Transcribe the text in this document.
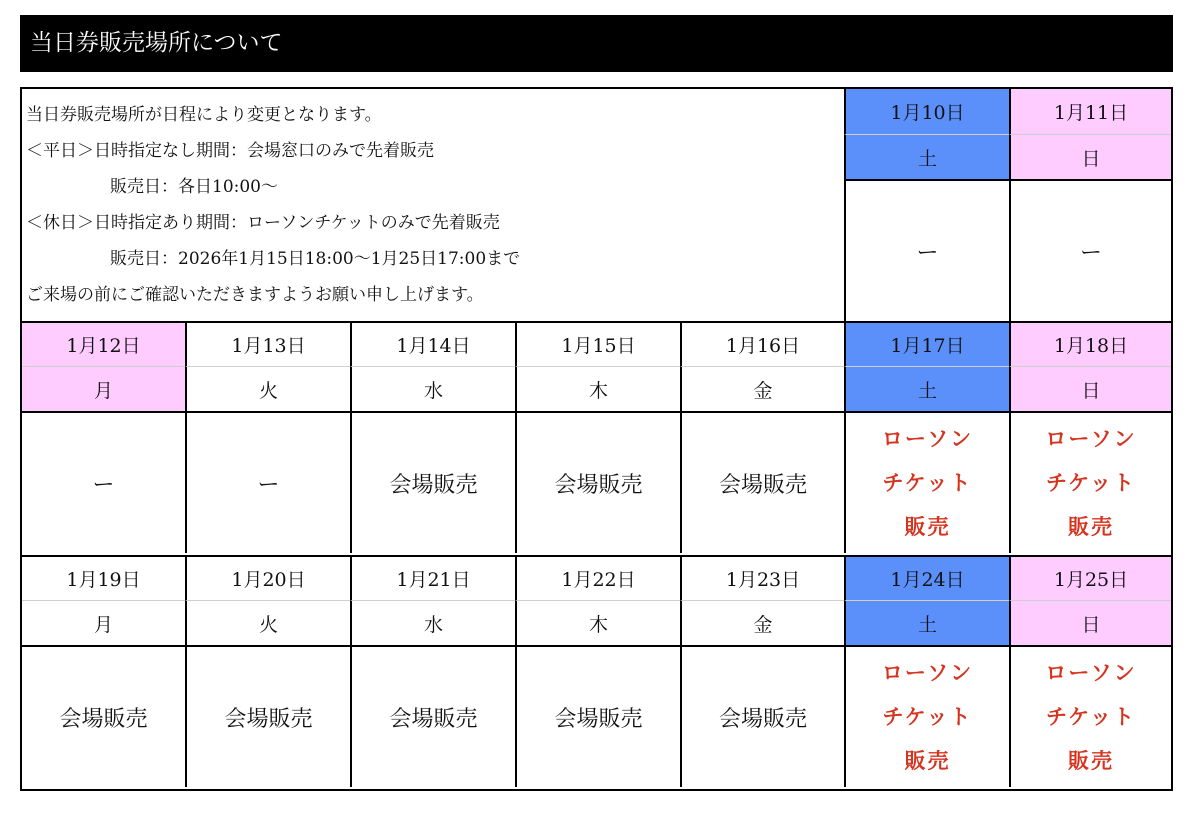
当日券販売場所について
当日券販売場所が日程により変更となります。
＜平日＞日時指定なし期間：会場窓口のみで先着販売
販売日：各日10:00〜
＜休日＞日時指定あり期間：ローソンチケットのみで先着販売
販売日：2026年1月15日18:00〜1月25日17:00まで
ご来場の前にご確認いただきますようお願い申し上げます。
1月10日
土
ー
1月11日
日
ー
1月12日
月
ー
1月13日
火
ー
1月14日
水
会場販売
1月15日
木
会場販売
1月16日
金
会場販売
1月17日
土
ローソン
チケット
販売
1月18日
日
ローソン
チケット
販売
1月19日
月
会場販売
1月20日
火
会場販売
1月21日
水
会場販売
1月22日
木
会場販売
1月23日
金
会場販売
1月24日
土
ローソン
チケット
販売
1月25日
日
ローソン
チケット
販売
